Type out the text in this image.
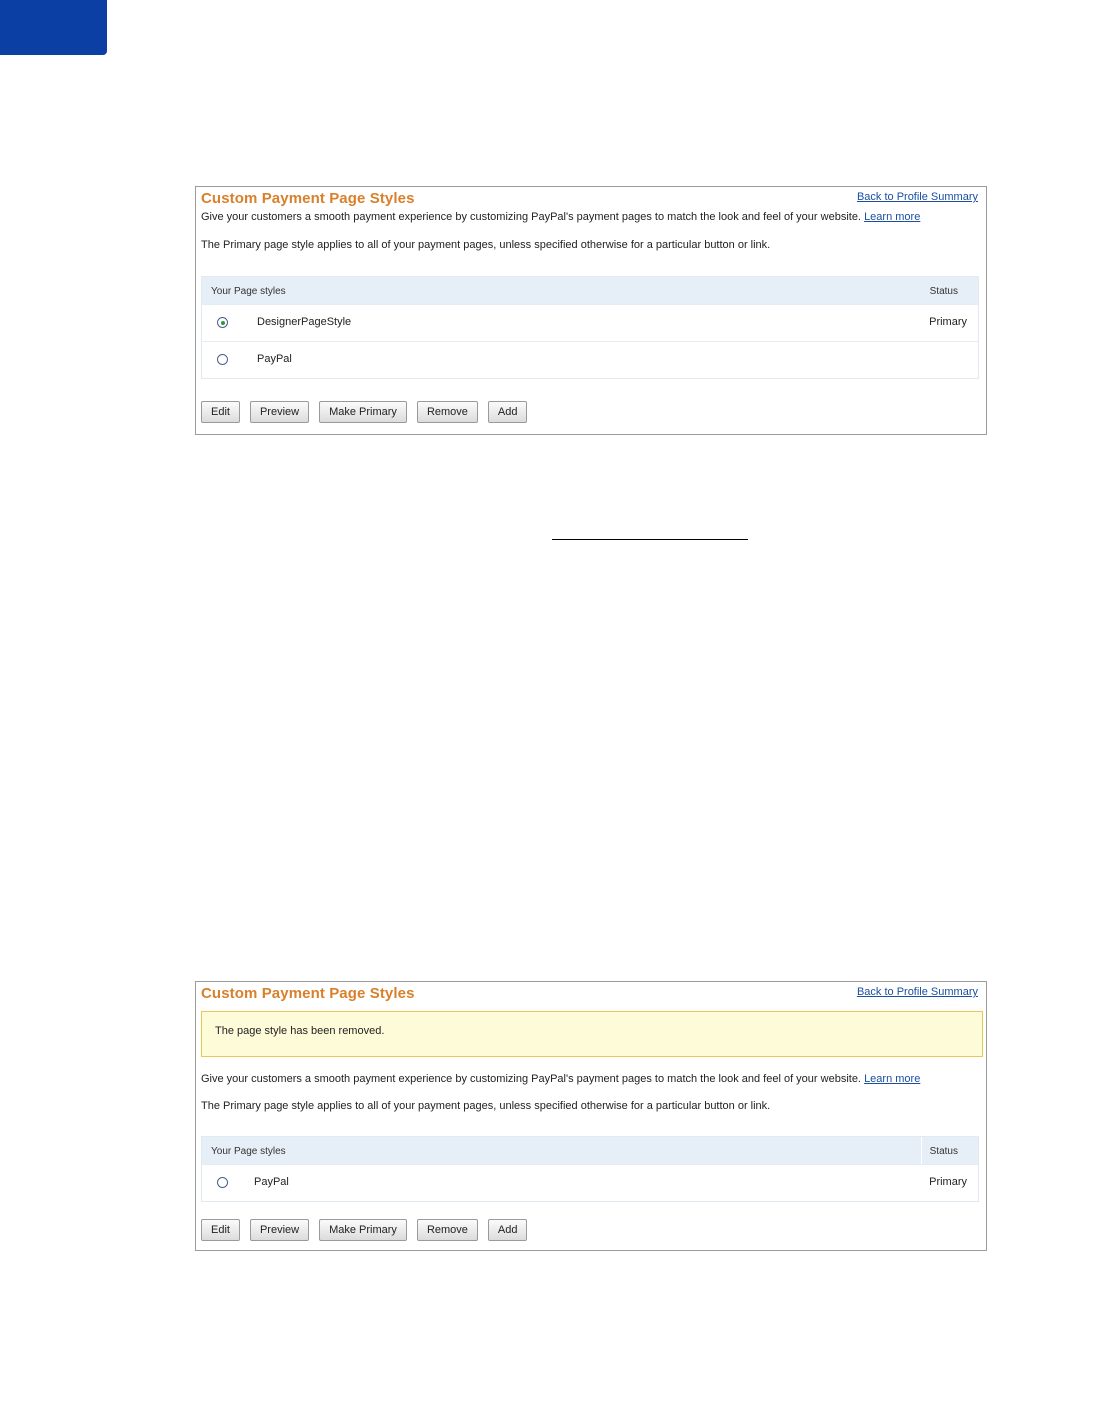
Custom Payment Page Styles	Back to Profile Summary
Give your customers a smooth payment experience by customizing PayPal's payment pages to match the look and feel of your website. Learn more
The Primary page style applies to all of your payment pages, unless specified otherwise for a particular button or link.
Your Page styles	Status
DesignerPageStyle	Primary
PayPal
Edit	Preview	Make Primary	Remove	Add
Custom Payment Page Styles	Back to Profile Summary
The page style has been removed.
Give your customers a smooth payment experience by customizing PayPal's payment pages to match the look and feel of your website. Learn more
The Primary page style applies to all of your payment pages, unless specified otherwise for a particular button or link.
Your Page styles	Status
PayPal	Primary
Edit	Preview	Make Primary	Remove	Add
